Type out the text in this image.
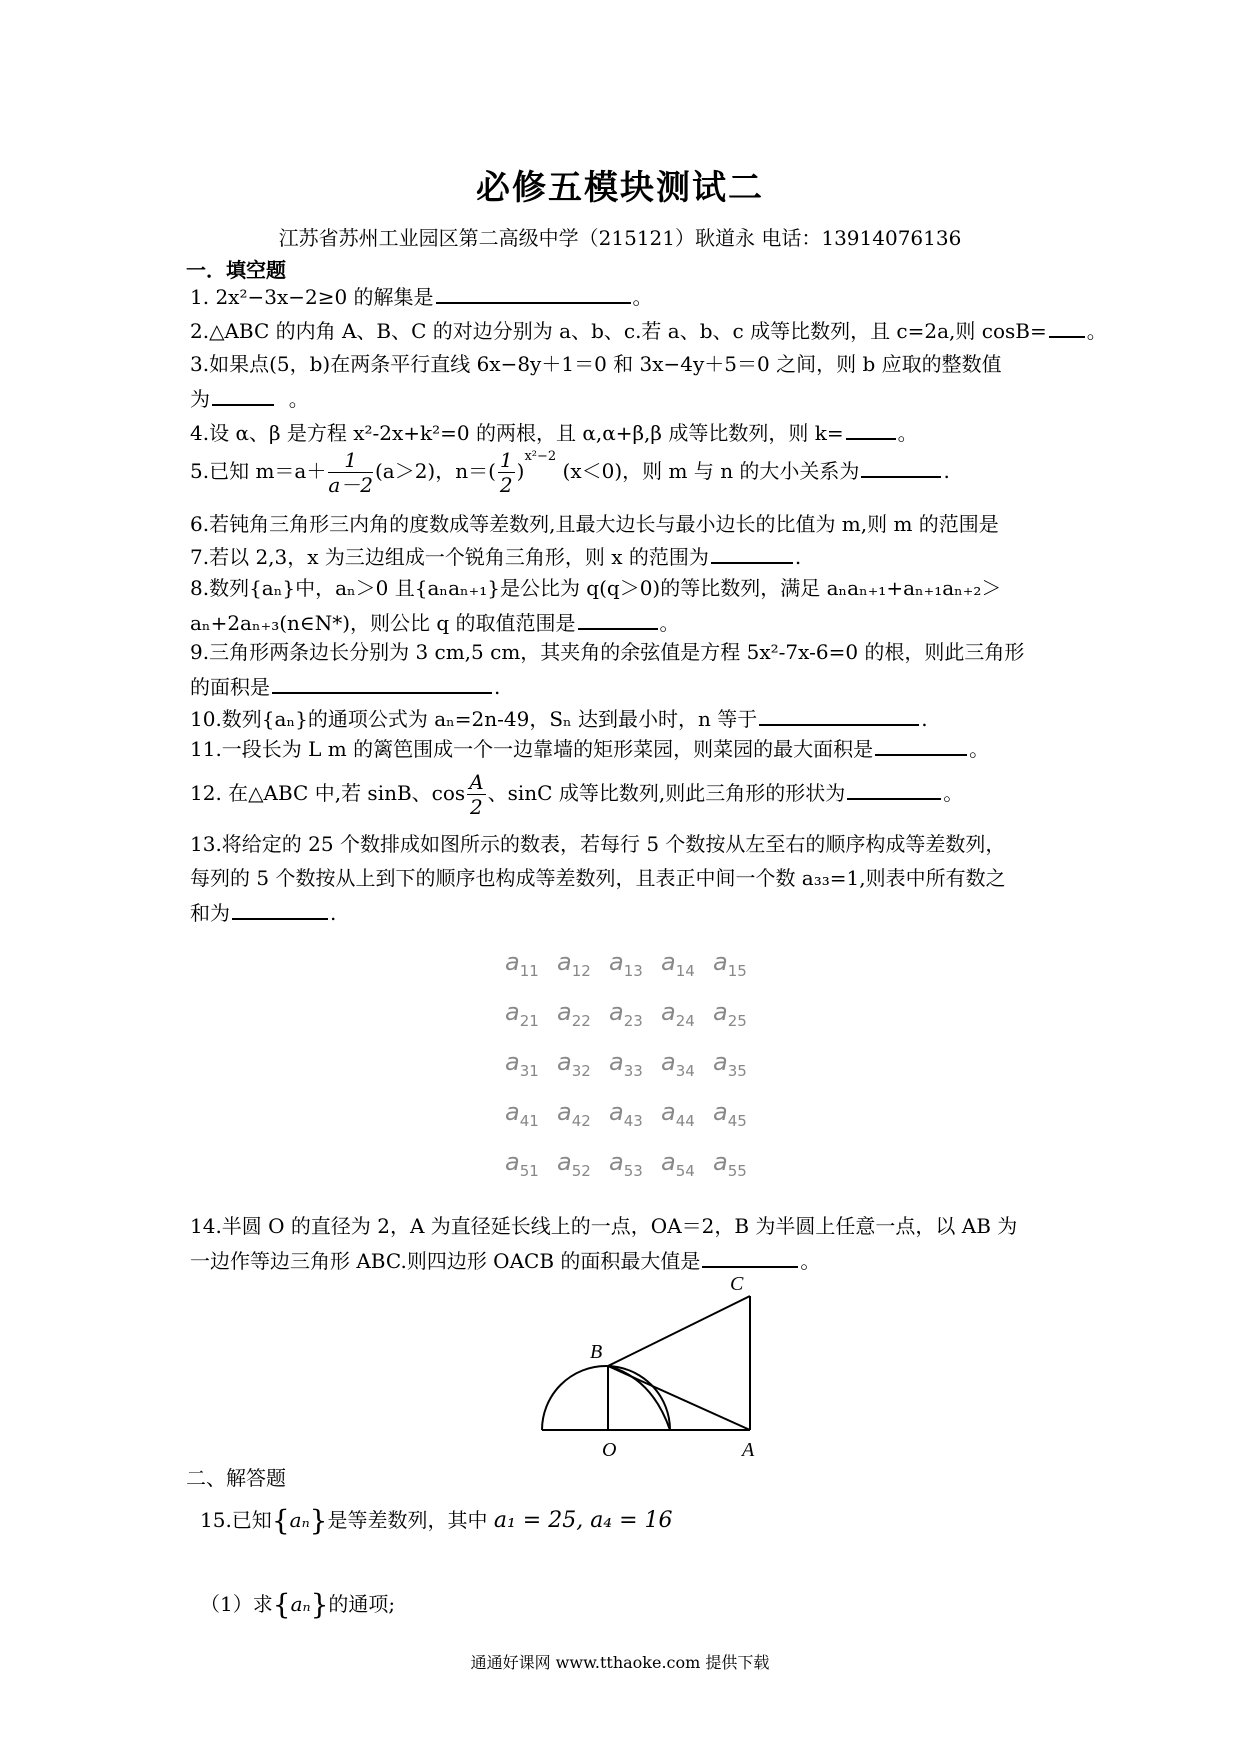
必修五模块测试二
江苏省苏州工业园区第二高级中学（215121）耿道永 电话：13914076136
一．填空题
1. 2x²−3x−2≥0 的解集是	。
2.△ABC 的内角 A、B、C 的对边分别为 a、b、c.若 a、b、c 成等比数列，且 c=2a,则 cosB= 。
3.如果点(5，b)在两条平行直线 6x−8y＋1＝0 和 3x−4y＋5＝0 之间，则 b 应取的整数值
为	。
4.设 α、β 是方程 x²-2x+k²=0 的两根，且 α,α+β,β 成等比数列，则 k=	。
5.已知 $m=a+ \frac{1}{a-2} (a>2)$，$n=( \frac{1}{2} )^{x^2-2}$ (x＜0)，则 m 与 n 的大小关系为	.
6.若钝角三角形三内角的度数成等差数列,且最大边长与最小边长的比值为 m,则 m 的范围是
7.若以 2,3，x 为三边组成一个锐角三角形，则 x 的范围为	.
8.数列{aₙ}中，aₙ＞0 且{aₙaₙ₊₁}是公比为 q(q＞0)的等比数列，满足 aₙaₙ₊₁+aₙ₊₁aₙ₊₂＞
aₙ+2aₙ₊₃(n∈N*)，则公比 q 的取值范围是	。
9.三角形两条边长分别为 3 cm,5 cm，其夹角的余弦值是方程 5x²-7x-6=0 的根，则此三角形
的面积是	.
10.数列{aₙ}的通项公式为 aₙ=2n-49，Sₙ 达到最小时，n 等于	.
11.一段长为 L m 的篱笆围成一个一边靠墙的矩形菜园，则菜园的最大面积是	。
12. 在△ABC 中,若 sinB、$\cos \frac{A}{2}$ 、sinC 成等比数列,则此三角形的形状为	。
13.将给定的 25 个数排成如图所示的数表，若每行 5 个数按从左至右的顺序构成等差数列，
每列的 5 个数按从上到下的顺序也构成等差数列，且表正中间一个数 a₃₃=1,则表中所有数之
和为	.
$a_{11}$ $a_{12}$ $a_{13}$ $a_{14}$ $a_{15}$
$a_{21}$ $a_{22}$ $a_{23}$ $a_{24}$ $a_{25}$
$a_{31}$ $a_{32}$ $a_{33}$ $a_{34}$ $a_{35}$
$a_{41}$ $a_{42}$ $a_{43}$ $a_{44}$ $a_{45}$
$a_{51}$ $a_{52}$ $a_{53}$ $a_{54}$ $a_{55}$
14.半圆 O 的直径为 2，A 为直径延长线上的一点，OA＝2，B 为半圆上任意一点，以 AB 为
一边作等边三角形 ABC.则四边形 OACB 的面积最大值是	。
C
B
O	A
二、解答题
15.已知{aₙ}是等差数列，其中 a₁ = 25, a₄ = 16
（1）求{aₙ}的通项;
通通好课网 www.tthaoke.com 提供下载
